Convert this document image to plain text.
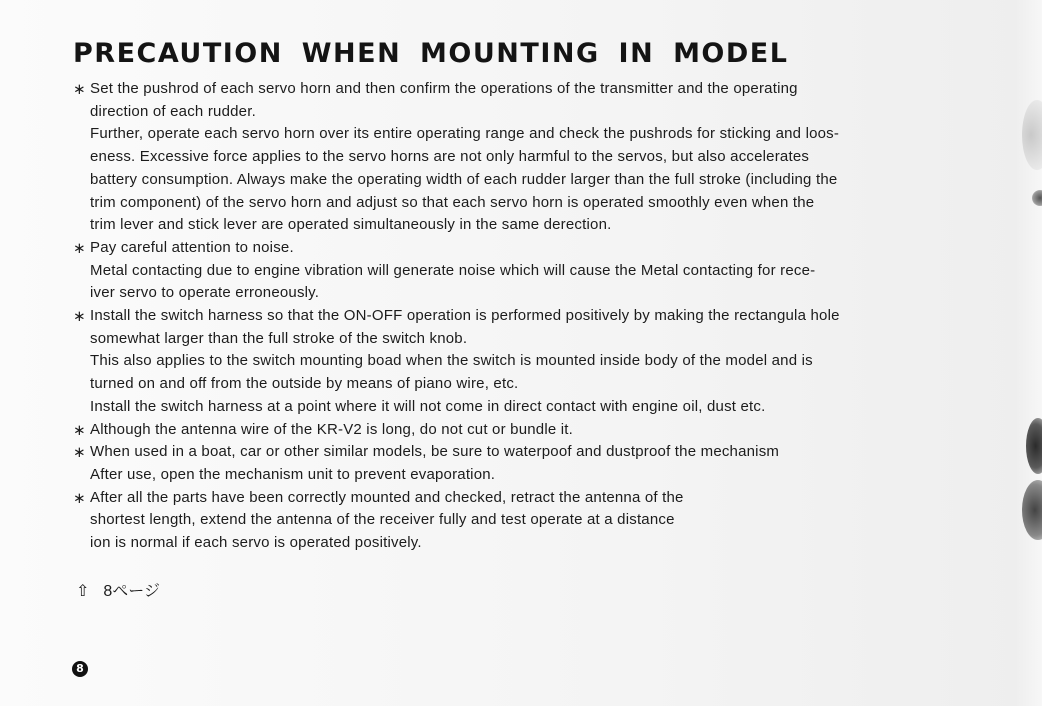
PRECAUTION WHEN MOUNTING IN MODEL
∗ Set the pushrod of each servo horn and then confirm the operations of the transmitter and the operating
direction of each rudder.
Further, operate each servo horn over its entire operating range and check the pushrods for sticking and loos-
eness. Excessive force applies to the servo horns are not only harmful to the servos, but also accelerates
battery consumption. Always make the operating width of each rudder larger than the full stroke (including the
trim component) of the servo horn and adjust so that each servo horn is operated smoothly even when the
trim lever and stick lever are operated simultaneously in the same derection.
∗ Pay careful attention to noise.
Metal contacting due to engine vibration will generate noise which will cause the Metal contacting for rece-
iver servo to operate erroneously.
∗ Install the switch harness so that the ON-OFF operation is performed positively by making the rectangula hole
somewhat larger than the full stroke of the switch knob.
This also applies to the switch mounting boad when the switch is mounted inside body of the model and is
turned on and off from the outside by means of piano wire, etc.
Install the switch harness at a point where it will not come in direct contact with engine oil, dust etc.
∗ Although the antenna wire of the KR-V2 is long, do not cut or bundle it.
∗ When used in a boat, car or other similar models, be sure to waterpoof and dustproof the mechanism
After use, open the mechanism unit to prevent evaporation.
∗ After all the parts have been correctly mounted and checked, retract the antenna of the
shortest length, extend the antenna of the receiver fully and test operate at a distance
ion is normal if each servo is operated positively.
⇧ 8ページ
8
